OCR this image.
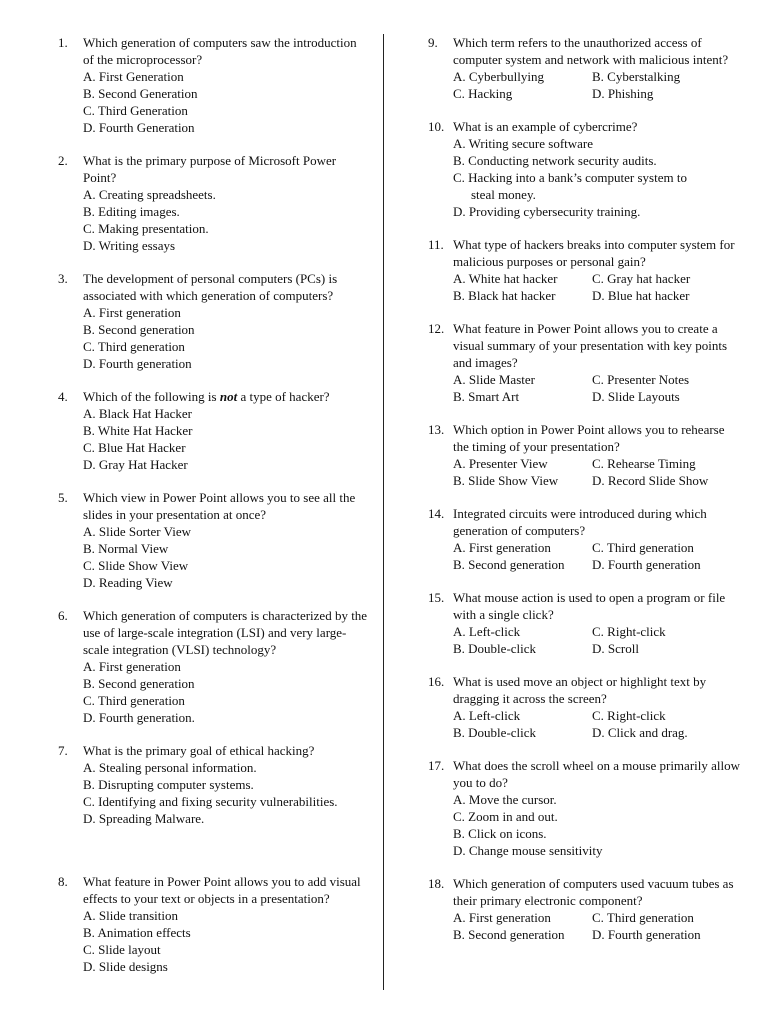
1. Which generation of computers saw the introduction of the microprocessor?
A. First Generation
B. Second Generation
C. Third Generation
D. Fourth Generation
2. What is the primary purpose of Microsoft Power Point?
A. Creating spreadsheets.
B. Editing images.
C. Making presentation.
D. Writing essays
3. The development of personal computers (PCs) is associated with which generation of computers?
A. First generation
B. Second generation
C. Third generation
D. Fourth generation
4. Which of the following is not a type of hacker?
A. Black Hat Hacker
B. White Hat Hacker
C. Blue Hat Hacker
D. Gray Hat Hacker
5. Which view in Power Point allows you to see all the slides in your presentation at once?
A. Slide Sorter View
B. Normal View
C. Slide Show View
D. Reading View
6. Which generation of computers is characterized by the use of large-scale integration (LSI) and very large-scale integration (VLSI) technology?
A. First generation
B. Second generation
C. Third generation
D. Fourth generation.
7. What is the primary goal of ethical hacking?
A. Stealing personal information.
B. Disrupting computer systems.
C. Identifying and fixing security vulnerabilities.
D. Spreading Malware.
8. What feature in Power Point allows you to add visual effects to your text or objects in a presentation?
A. Slide transition
B. Animation effects
C. Slide layout
D. Slide designs
9. Which term refers to the unauthorized access of computer system and network with malicious intent?
A. Cyberbullying	B. Cyberstalking
C. Hacking	D. Phishing
10. What is an example of cybercrime?
A. Writing secure software
B. Conducting network security audits.
C. Hacking into a bank’s computer system to
steal money.
D. Providing cybersecurity training.
11. What type of hackers breaks into computer system for malicious purposes or personal gain?
A. White hat hacker	C. Gray hat hacker
B. Black hat hacker	D. Blue hat hacker
12. What feature in Power Point allows you to create a visual summary of your presentation with key points and images?
A. Slide Master	C. Presenter Notes
B. Smart Art	D. Slide Layouts
13. Which option in Power Point allows you to rehearse the timing of your presentation?
A. Presenter View	C. Rehearse Timing
B. Slide Show View	D. Record Slide Show
14. Integrated circuits were introduced during which generation of computers?
A. First generation	C. Third generation
B. Second generation	D. Fourth generation
15. What mouse action is used to open a program or file with a single click?
A. Left-click	C. Right-click
B. Double-click	D. Scroll
16. What is used move an object or highlight text by dragging it across the screen?
A. Left-click	C. Right-click
B. Double-click	D. Click and drag.
17. What does the scroll wheel on a mouse primarily allow you to do?
A. Move the cursor.
C. Zoom in and out.
B. Click on icons.
D. Change mouse sensitivity
18. Which generation of computers used vacuum tubes as their primary electronic component?
A. First generation	C. Third generation
B. Second generation	D. Fourth generation
